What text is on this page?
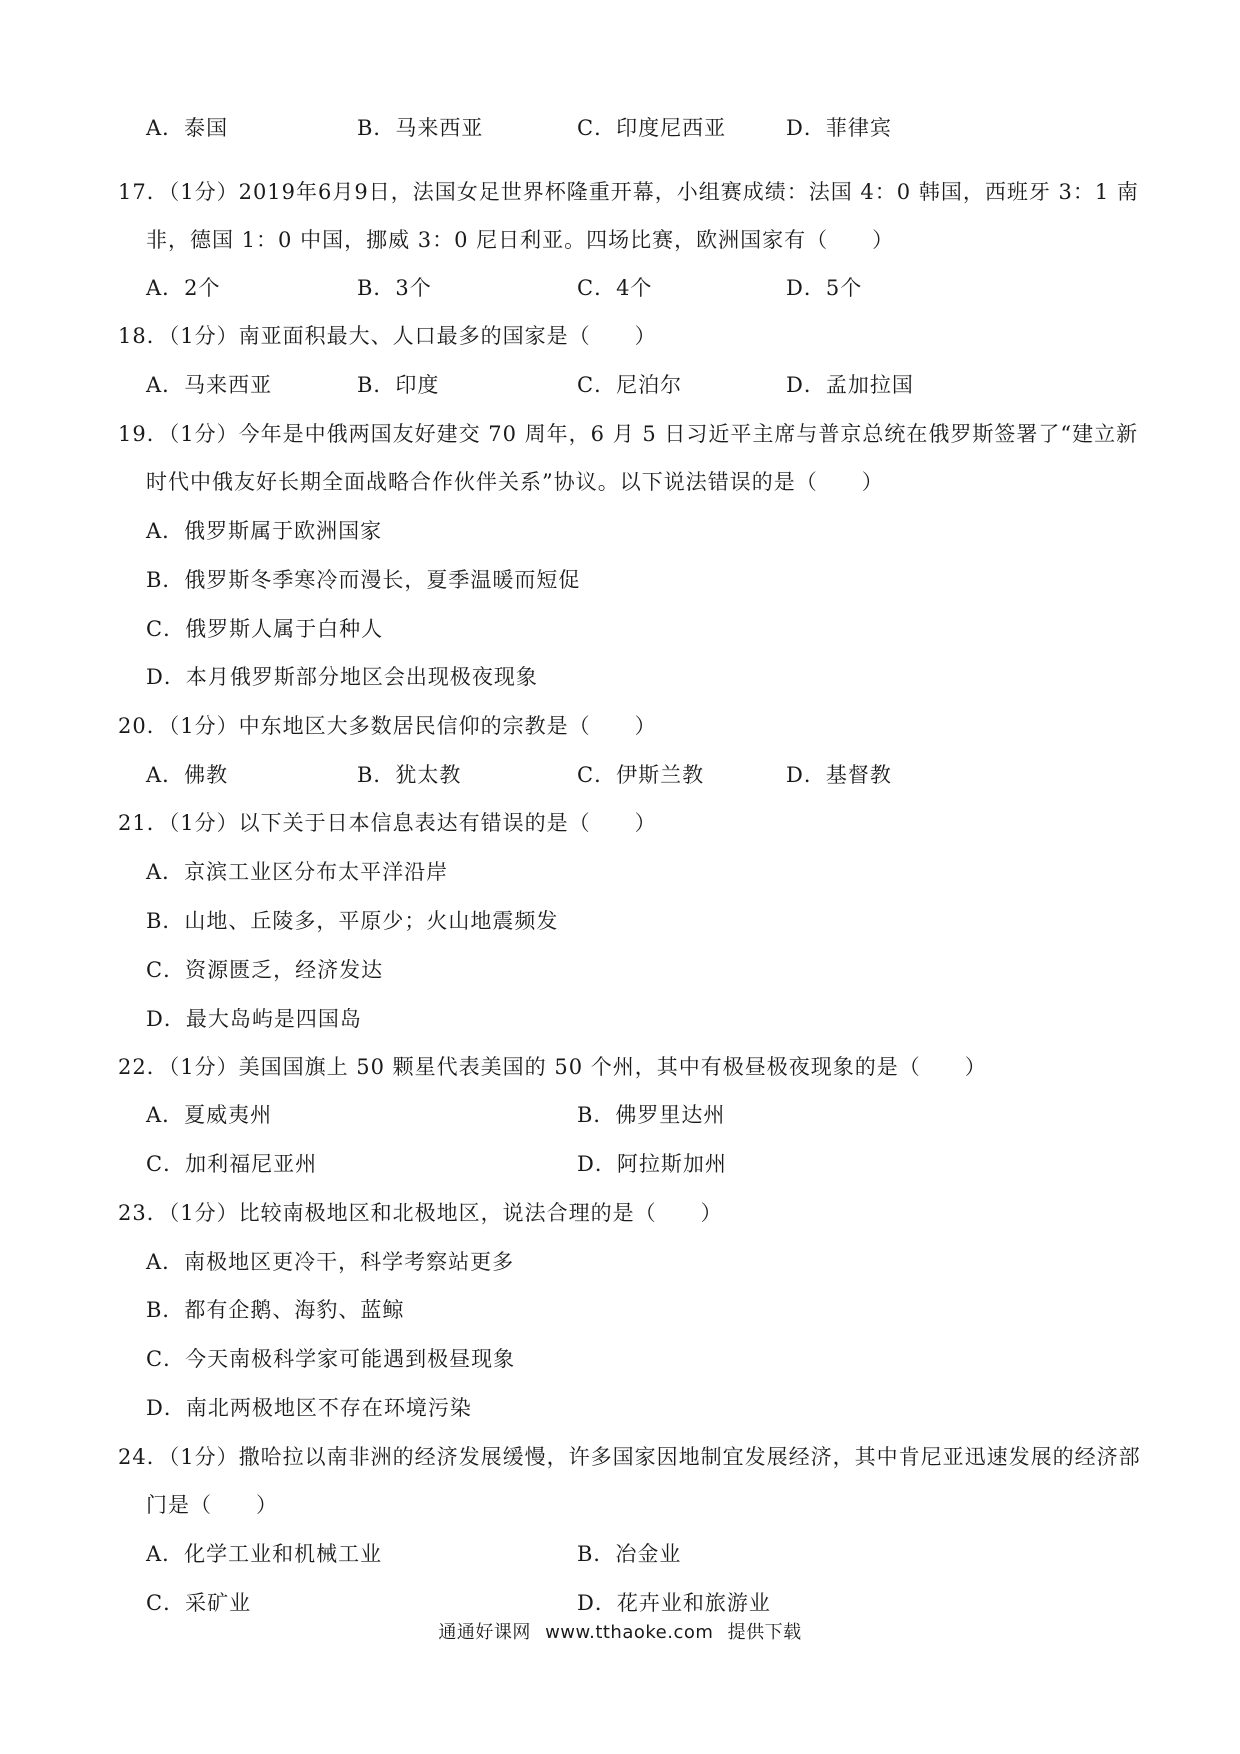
A．泰国	B．马来西亚	C．印度尼西亚	D．菲律宾
17．（1分）2019年6月9日，法国女足世界杯隆重开幕，小组赛成绩：法国 4：0 韩国，西班牙 3：1 南
非，德国 1：0 中国，挪威 3：0 尼日利亚。四场比赛，欧洲国家有（　　）
A．2个	B．3个	C．4个	D．5个
18．（1分）南亚面积最大、人口最多的国家是（　　）
A．马来西亚	B．印度	C．尼泊尔	D．孟加拉国
19．（1分）今年是中俄两国友好建交 70 周年，6 月 5 日习近平主席与普京总统在俄罗斯签署了“建立新
时代中俄友好长期全面战略合作伙伴关系”协议。以下说法错误的是（　　）
A．俄罗斯属于欧洲国家
B．俄罗斯冬季寒冷而漫长，夏季温暖而短促
C．俄罗斯人属于白种人
D．本月俄罗斯部分地区会出现极夜现象
20．（1分）中东地区大多数居民信仰的宗教是（　　）
A．佛教	B．犹太教	C．伊斯兰教	D．基督教
21．（1分）以下关于日本信息表达有错误的是（　　）
A．京滨工业区分布太平洋沿岸
B．山地、丘陵多，平原少；火山地震频发
C．资源匮乏，经济发达
D．最大岛屿是四国岛
22．（1分）美国国旗上 50 颗星代表美国的 50 个州，其中有极昼极夜现象的是（　　）
A．夏威夷州	B．佛罗里达州
C．加利福尼亚州	D．阿拉斯加州
23．（1分）比较南极地区和北极地区，说法合理的是（　　）
A．南极地区更冷干，科学考察站更多
B．都有企鹅、海豹、蓝鲸
C．今天南极科学家可能遇到极昼现象
D．南北两极地区不存在环境污染
24．（1分）撒哈拉以南非洲的经济发展缓慢，许多国家因地制宜发展经济，其中肯尼亚迅速发展的经济部
门是（　　）
A．化学工业和机械工业	B．冶金业
C．采矿业	D．花卉业和旅游业
通通好课网 www.tthaoke.com 提供下载
